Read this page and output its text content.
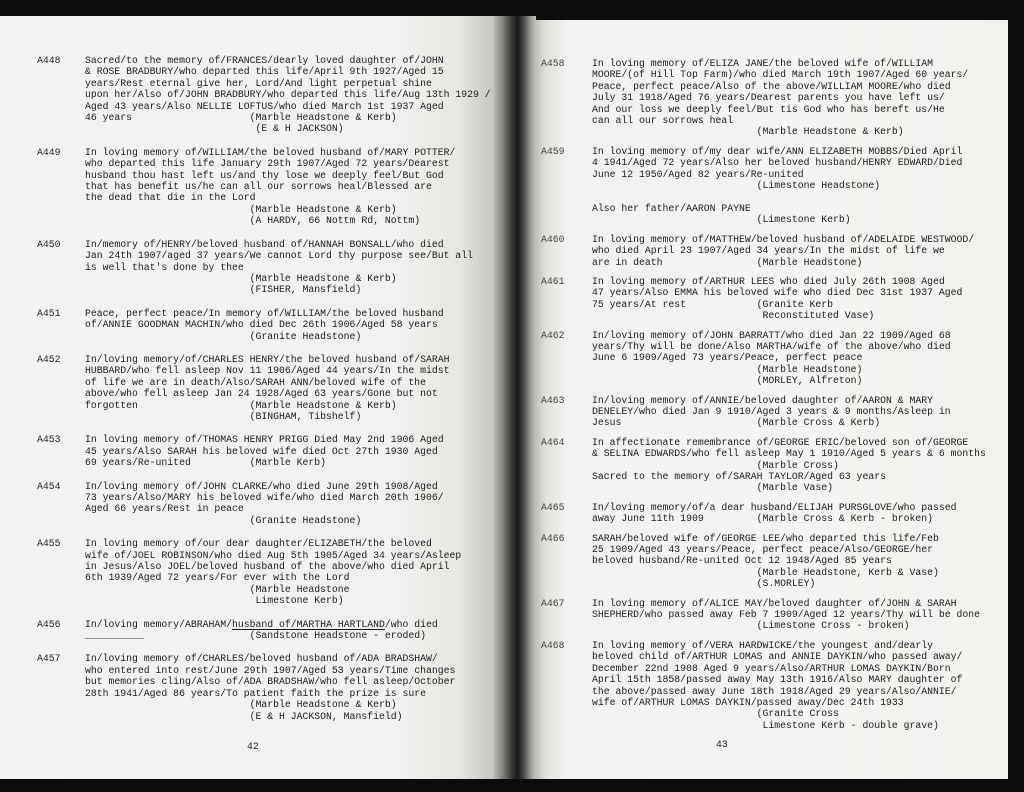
A448	Sacred/to the memory of/FRANCES/dearly loved daughter of/JOHN
& ROSE BRADBURY/who departed this life/April 9th 1927/Aged 15
years/Rest eternal give her, Lord/And light perpetual shine
upon her/Also of/JOHN BRADBURY/who departed this life/Aug 13th 1929 /
Aged 43 years/Also NELLIE LOFTUS/who died March 1st 1937 Aged
46 years                    (Marble Headstone & Kerb)
(E & H JACKSON)
A449	In loving memory of/WILLIAM/the beloved husband of/MARY POTTER/
who departed this life January 29th 1907/Aged 72 years/Dearest
husband thou hast left us/and thy lose we deeply feel/But God
that has benefit us/he can all our sorrows heal/Blessed are
the dead that die in the Lord
(Marble Headstone & Kerb)
(A HARDY, 66 Nottm Rd, Nottm)
A450	In/memory of/HENRY/beloved husband of/HANNAH BONSALL/who died
Jan 24th 1907/aged 37 years/We cannot Lord thy purpose see/But all
is well that's done by thee
(Marble Headstone & Kerb)
(FISHER, Mansfield)
A451	Peace, perfect peace/In memory of/WILLIAM/the beloved husband
of/ANNIE GOODMAN MACHIN/who died Dec 26th 1906/Aged 58 years
(Granite Headstone)
A452	In/loving memory/of/CHARLES HENRY/the beloved husband of/SARAH
HUBBARD/who fell asleep Nov 11 1906/Aged 44 years/In the midst
of life we are in death/Also/SARAH ANN/beloved wife of the
above/who fell asleep Jan 24 1928/Aged 63 years/Gone but not
forgotten                   (Marble Headstone & Kerb)
(BINGHAM, Tibshelf)
A453	In loving memory of/THOMAS HENRY PRIGG Died May 2nd 1906 Aged
45 years/Also SARAH his beloved wife died Oct 27th 1930 Aged
69 years/Re-united          (Marble Kerb)
A454	In/loving memory of/JOHN CLARKE/who died June 29th 1908/Aged
73 years/Also/MARY his beloved wife/who died March 20th 1906/
Aged 66 years/Rest in peace
(Granite Headstone)
A455	In loving memory of/our dear daughter/ELIZABETH/the beloved
wife of/JOEL ROBINSON/who died Aug 5th 1905/Aged 34 years/Asleep
in Jesus/Also JOEL/beloved husband of the above/who died April
6th 1939/Aged 72 years/For ever with the Lord
(Marble Headstone
Limestone Kerb)
A456	In/loving memory/ABRAHAM/husband of/MARTHA HARTLAND/who died
__________                  (Sandstone Headstone - eroded)
A457	In/loving memory of/CHARLES/beloved husband of/ADA BRADSHAW/
who entered into rest/June 29th 1907/Aged 53 years/Time changes
but memories cling/Also of/ADA BRADSHAW/who fell asleep/October
28th 1941/Aged 86 years/To patient faith the prize is sure
(Marble Headstone & Kerb)
(E & H JACKSON, Mansfield)
42
A458	In loving memory of/ELIZA JANE/the beloved wife of/WILLIAM
MOORE/(of Hill Top Farm)/who died March 19th 1907/Aged 60 years/
Peace, perfect peace/Also of the above/WILLIAM MOORE/who died
July 31 1918/Aged 76 years/Dearest parents you have left us/
And our loss we deeply feel/But tis God who has bereft us/He
can all our sorrows heal
(Marble Headstone & Kerb)
A459	In loving memory of/my dear wife/ANN ELIZABETH MOBBS/Died April
4 1941/Aged 72 years/Also her beloved husband/HENRY EDWARD/Died
June 12 1950/Aged 82 years/Re-united
(Limestone Headstone)

Also her father/AARON PAYNE
(Limestone Kerb)
A460	In loving memory of/MATTHEW/beloved husband of/ADELAIDE WESTWOOD/
who died April 23 1907/Aged 34 years/In the midst of life we
are in death                (Marble Headstone)
A461	In loving memory of/ARTHUR LEES who died July 26th 1908 Aged
47 years/Also EMMA his beloved wife who died Dec 31st 1937 Aged
75 years/At rest            (Granite Kerb
Reconstituted Vase)
A462	In/loving memory of/JOHN BARRATT/who died Jan 22 1909/Aged 68
years/Thy will be done/Also MARTHA/wife of the above/who died
June 6 1909/Aged 73 years/Peace, perfect peace
(Marble Headstone)
(MORLEY, Alfreton)
A463	In/loving memory of/ANNIE/beloved daughter of/AARON & MARY
DENELEY/who died Jan 9 1910/Aged 3 years & 9 months/Asleep in
Jesus                       (Marble Cross & Kerb)
A464	In affectionate remembrance of/GEORGE ERIC/beloved son of/GEORGE
& SELINA EDWARDS/who fell asleep May 1 1910/Aged 5 years & 6 months
(Marble Cross)
Sacred to the memory of/SARAH TAYLOR/Aged 63 years
(Marble Vase)
A465	In/loving memory/of/a dear husband/ELIJAH PURSGLOVE/who passed
away June 11th 1909         (Marble Cross & Kerb - broken)
A466	SARAH/beloved wife of/GEORGE LEE/who departed this life/Feb
25 1909/Aged 43 years/Peace, perfect peace/Also/GEORGE/her
beloved husband/Re-united Oct 12 1948/Aged 85 years
(Marble Headstone, Kerb & Vase)
(S.MORLEY)
A467	In loving memory of/ALICE MAY/beloved daughter of/JOHN & SARAH
SHEPHERD/who passed away Feb 7 1909/Aged 12 years/Thy will be done
(Limestone Cross - broken)
A468	In loving memory of/VERA HARDWICKE/the youngest and/dearly
beloved child of/ARTHUR LOMAS and ANNIE DAYKIN/who passed away/
December 22nd 1908 Aged 9 years/Also/ARTHUR LOMAS DAYKIN/Born
April 15th 1858/passed away May 13th 1916/Also MARY daughter of
the above/passed away June 18th 1918/Aged 29 years/Also/ANNIE/
wife of/ARTHUR LOMAS DAYKIN/passed away/Dec 24th 1933
(Granite Cross
Limestone Kerb - double grave)
43
